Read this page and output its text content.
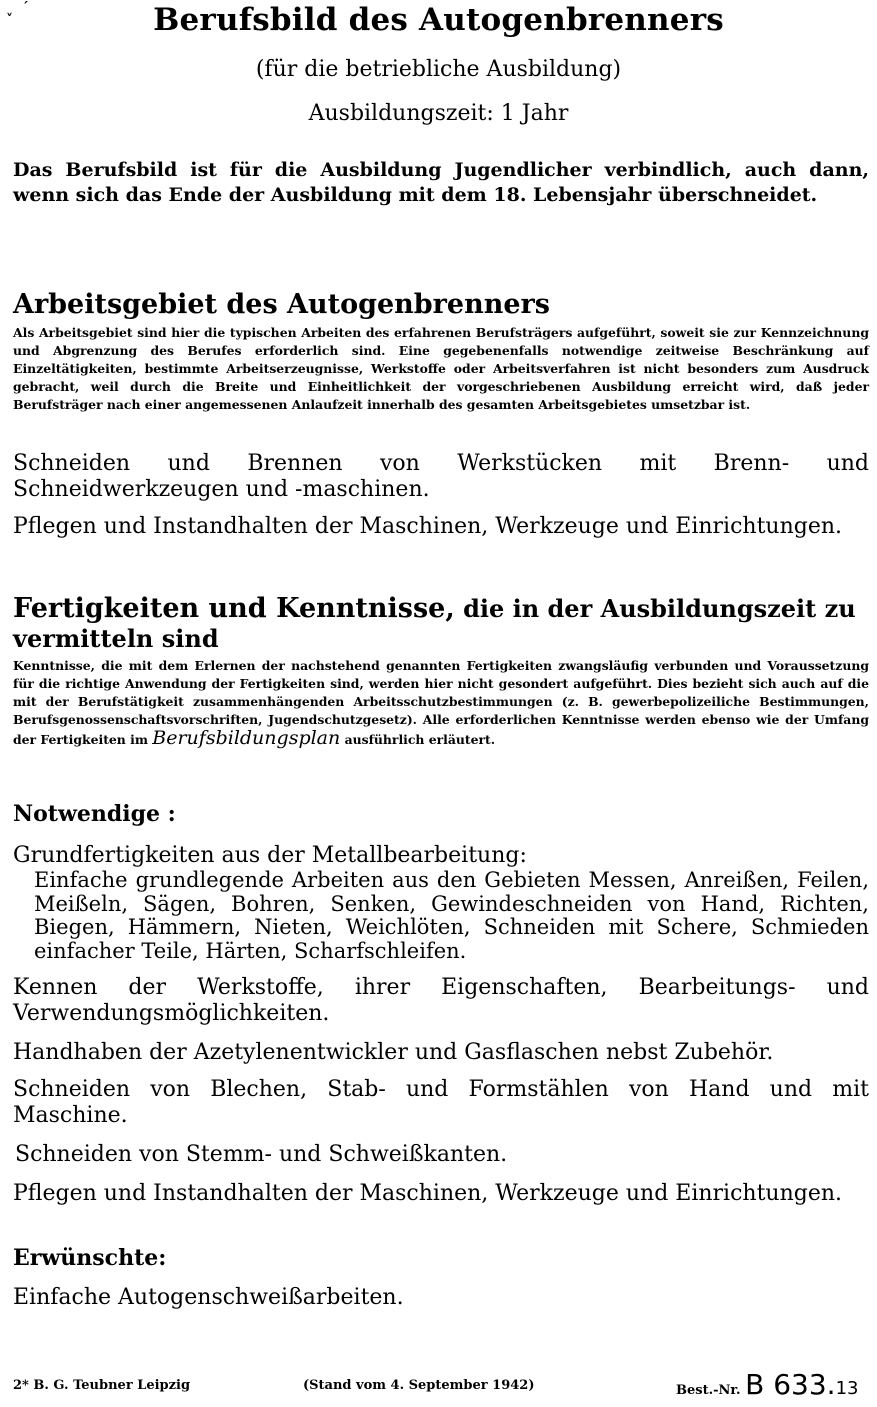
ˬ ˊ	Berufsbild des Autogenbrenners
(für die betriebliche Ausbildung)
Ausbildungszeit: 1 Jahr
Das Berufsbild ist für die Ausbildung Jugendlicher verbindlich, auch dann, wenn sich das Ende der Ausbildung mit dem 18. Lebensjahr überschneidet.
Arbeitsgebiet des Autogenbrenners
Als Arbeitsgebiet sind hier die typischen Arbeiten des erfahrenen Berufsträgers aufgeführt, soweit sie zur Kennzeichnung und Abgrenzung des Berufes erforderlich sind. Eine gegebenenfalls notwendige zeitweise Beschränkung auf Einzeltätigkeiten, bestimmte Arbeitserzeugnisse, Werkstoffe oder Arbeitsverfahren ist nicht besonders zum Ausdruck gebracht, weil durch die Breite und Einheitlichkeit der vorgeschriebenen Ausbildung erreicht wird, daß jeder Berufsträger nach einer angemessenen Anlaufzeit innerhalb des gesamten Arbeitsgebietes umsetzbar ist.
Schneiden und Brennen von Werkstücken mit Brenn- und Schneidwerkzeugen und -maschinen.
Pflegen und Instandhalten der Maschinen, Werkzeuge und Einrichtungen.
Fertigkeiten und Kenntnisse, die in der Ausbildungszeit zu vermitteln sind
Kenntnisse, die mit dem Erlernen der nachstehend genannten Fertigkeiten zwangsläufig verbunden und Voraussetzung für die richtige Anwendung der Fertigkeiten sind, werden hier nicht gesondert aufgeführt. Dies bezieht sich auch auf die mit der Berufstätigkeit zusammenhängenden Arbeitsschutzbestimmungen (z. B. gewerbepolizeiliche Bestimmungen, Berufsgenossenschaftsvorschriften, Jugendschutzgesetz). Alle erforderlichen Kenntnisse werden ebenso wie der Umfang der Fertigkeiten im Berufsbildungsplan ausführlich erläutert.
Notwendige :
Grundfertigkeiten aus der Metallbearbeitung:
Einfache grundlegende Arbeiten aus den Gebieten Messen, Anreißen, Feilen, Meißeln, Sägen, Bohren, Senken, Gewindeschneiden von Hand, Richten, Biegen, Hämmern, Nieten, Weichlöten, Schneiden mit Schere, Schmieden einfacher Teile, Härten, Scharfschleifen.
Kennen der Werkstoffe, ihrer Eigenschaften, Bearbeitungs- und Verwendungsmöglichkeiten.
Handhaben der Azetylenentwickler und Gasflaschen nebst Zubehör.
Schneiden von Blechen, Stab- und Formstählen von Hand und mit Maschine.
Schneiden von Stemm- und Schweißkanten.
Pflegen und Instandhalten der Maschinen, Werkzeuge und Einrichtungen.
Erwünschte:
Einfache Autogenschweißarbeiten.
2* B. G. Teubner Leipzig	(Stand vom 4. September 1942)	Best.-Nr. B 633.13
